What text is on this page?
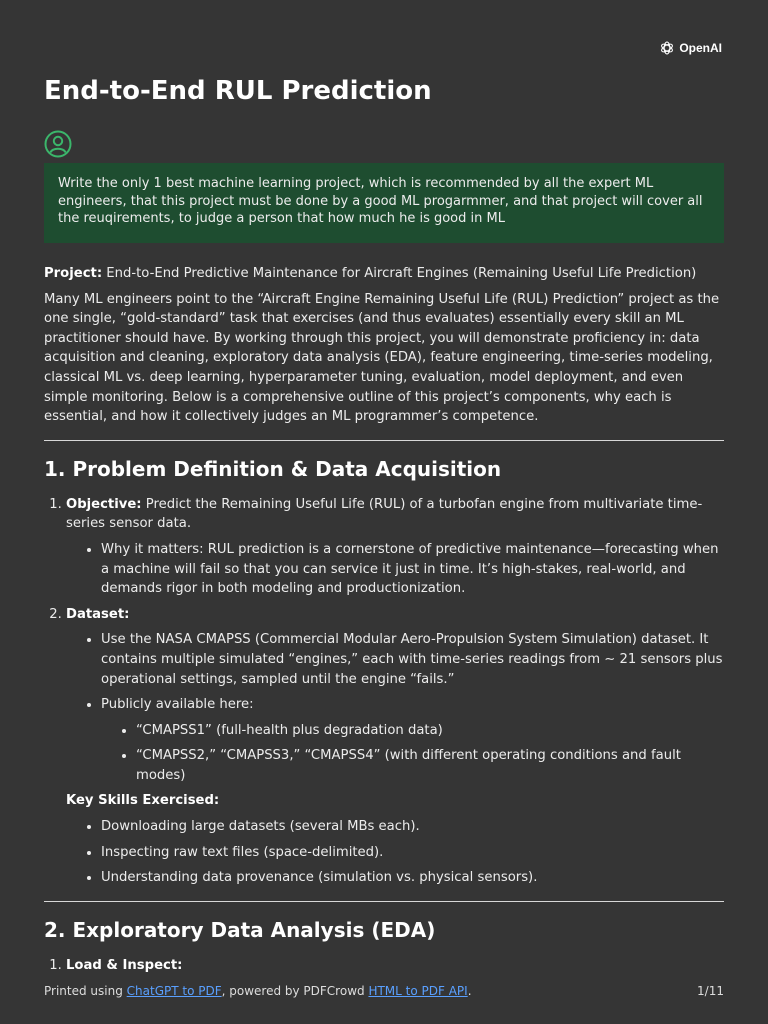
OpenAI
End-to-End RUL Prediction
Write the only 1 best machine learning project, which is recommended by all the expert ML engineers, that this project must be done by a good ML progarmmer, and that project will cover all the reuqirements, to judge a person that how much he is good in ML

Project: End-to-End Predictive Maintenance for Aircraft Engines (Remaining Useful Life Prediction)

Many ML engineers point to the “Aircraft Engine Remaining Useful Life (RUL) Prediction” project as the one single, “gold-standard” task that exercises (and thus evaluates) essentially every skill an ML practitioner should have. By working through this project, you will demonstrate proficiency in: data acquisition and cleaning, exploratory data analysis (EDA), feature engineering, time-series modeling, classical ML vs. deep learning, hyperparameter tuning, evaluation, model deployment, and even simple monitoring. Below is a comprehensive outline of this project’s components, why each is essential, and how it collectively judges an ML programmer’s competence.

1. Problem Definition & Data Acquisition
1. Objective: Predict the Remaining Useful Life (RUL) of a turbofan engine from multivariate time-series sensor data.
• Why it matters: RUL prediction is a cornerstone of predictive maintenance—forecasting when a machine will fail so that you can service it just in time. It’s high-stakes, real-world, and demands rigor in both modeling and productionization.
2. Dataset:
• Use the NASA CMAPSS (Commercial Modular Aero-Propulsion System Simulation) dataset. It contains multiple simulated “engines,” each with time-series readings from ∼ 21 sensors plus operational settings, sampled until the engine “fails.”
• Publicly available here:
• “CMAPSS1” (full-health plus degradation data)
• “CMAPSS2,” “CMAPSS3,” “CMAPSS4” (with different operating conditions and fault modes)
Key Skills Exercised:
• Downloading large datasets (several MBs each).
• Inspecting raw text files (space-delimited).
• Understanding data provenance (simulation vs. physical sensors).
2. Exploratory Data Analysis (EDA)
1. Load & Inspect:
Printed using ChatGPT to PDF, powered by PDFCrowd HTML to PDF API.	1/11
